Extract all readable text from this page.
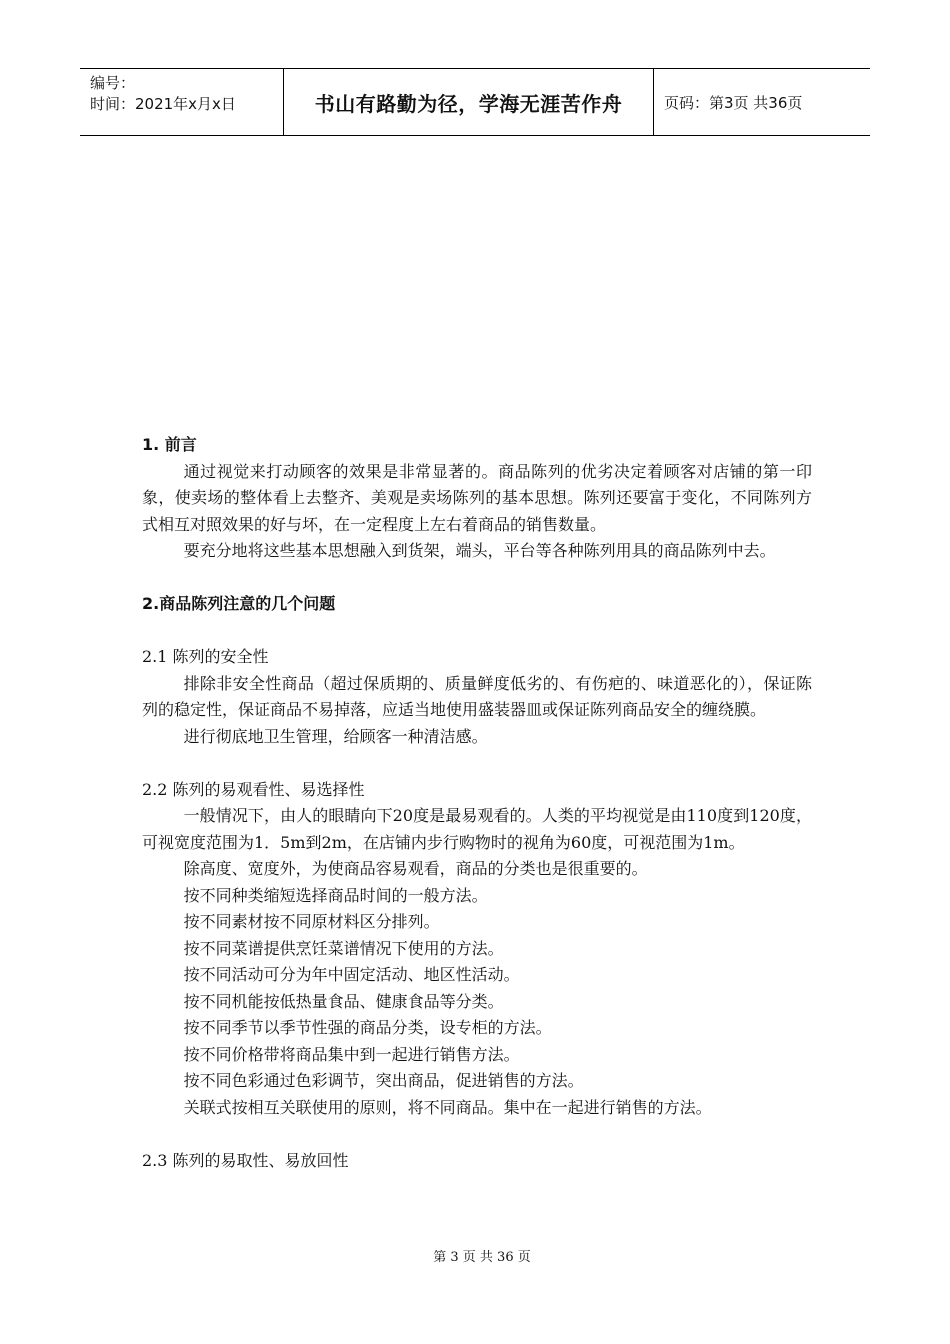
编号：
时间：2021年x月x日	书山有路勤为径，学海无涯苦作舟	页码：第3页 共36页

1. 前言

通过视觉来打动顾客的效果是非常显著的。商品陈列的优劣决定着顾客对店铺的第一印象，使卖场的整体看上去整齐、美观是卖场陈列的基本思想。陈列还要富于变化，不同陈列方式相互对照效果的好与坏，在一定程度上左右着商品的销售数量。

要充分地将这些基本思想融入到货架，端头，平台等各种陈列用具的商品陈列中去。

2.商品陈列注意的几个问题

2.1 陈列的安全性

排除非安全性商品（超过保质期的、质量鲜度低劣的、有伤疤的、味道恶化的），保证陈列的稳定性，保证商品不易掉落，应适当地使用盛装器皿或保证陈列商品安全的缠绕膜。

进行彻底地卫生管理，给顾客一种清洁感。

2.2 陈列的易观看性、易选择性

一般情况下，由人的眼睛向下20度是最易观看的。人类的平均视觉是由110度到120度，可视宽度范围为1．5m到2m，在店铺内步行购物时的视角为60度，可视范围为1m。

除高度、宽度外，为使商品容易观看，商品的分类也是很重要的。

按不同种类缩短选择商品时间的一般方法。

按不同素材按不同原材料区分排列。

按不同菜谱提供烹饪菜谱情况下使用的方法。

按不同活动可分为年中固定活动、地区性活动。

按不同机能按低热量食品、健康食品等分类。

按不同季节以季节性强的商品分类，设专柜的方法。

按不同价格带将商品集中到一起进行销售方法。

按不同色彩通过色彩调节，突出商品，促进销售的方法。

关联式按相互关联使用的原则，将不同商品。集中在一起进行销售的方法。

2.3 陈列的易取性、易放回性

第 3 页 共 36 页
